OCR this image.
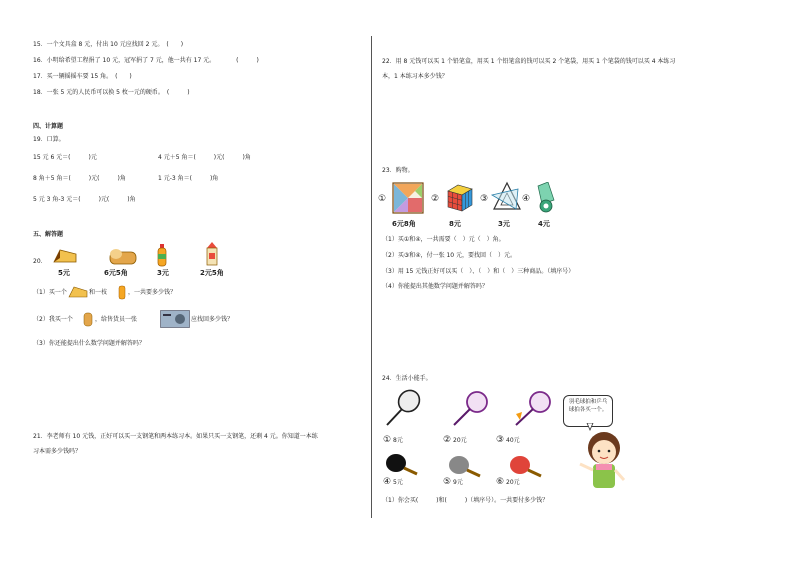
15．一个文具盒 8 元，付出 10 元应找回 2 元。　(　　)
16．小明给希望工程捐了 10 元，冠军捐了 7 元，他一共有 17 元。　　　　(　　　)
17．买一辆摇摇车要 15 角。　(　　)
18．一张 5 元的人民币可以换 5 枚一元的硬币。　(　　　)
四、计算题
19．口算。
15 元 6 元＝(　　　)元	4 元＋5 角＝(　　　)元(　　　)角
8 角＋5 角＝(　　　)元(　　　)角	1 元-3 角＝(　　　)角
5 元 3 角-3 元＝(　　　)元(　　　)角
五、解答题
20．
5元	6元5角	3元	2元5角
（1）买一个	和一枝	，一共要多少钱？
（2）我买一个	，给售货员一张	应找回多少钱？
（3）你还能提出什么数学问题并解答吗？
21．李老师有 10 元钱，正好可以买一支钢笔和两本练习本。如果只买一支钢笔，还剩 4 元。你知道一本练
习本需多少钱吗？
22．用 8 元钱可以买 1 个铅笔盒，用买 1 个铅笔盒的钱可以买 2 个笔袋，用买 1 个笔袋的钱可以买 4 本练习
本，1 本练习本多少钱？
23．购物。
①
6元8角
②
8元
③
3元
④
4元
（1）买①和④，一共需要（　）元（　）角。
（2）买③和④，付一张 10 元，要找回（　）元。
（3）用 15 元钱正好可以买（　）、（　）和（　）三种商品。（填序号）
（4）你能提出其他数学问题并解答吗？
24．生活小能手。
① 8元	② 20元	③ 40元
④ 5元	⑤ 9元	⑥ 20元
羽毛球拍和乒乓球拍各买一个。
（1）你会买(　　　)和(　　　)（填序号）。一共要付多少钱？
